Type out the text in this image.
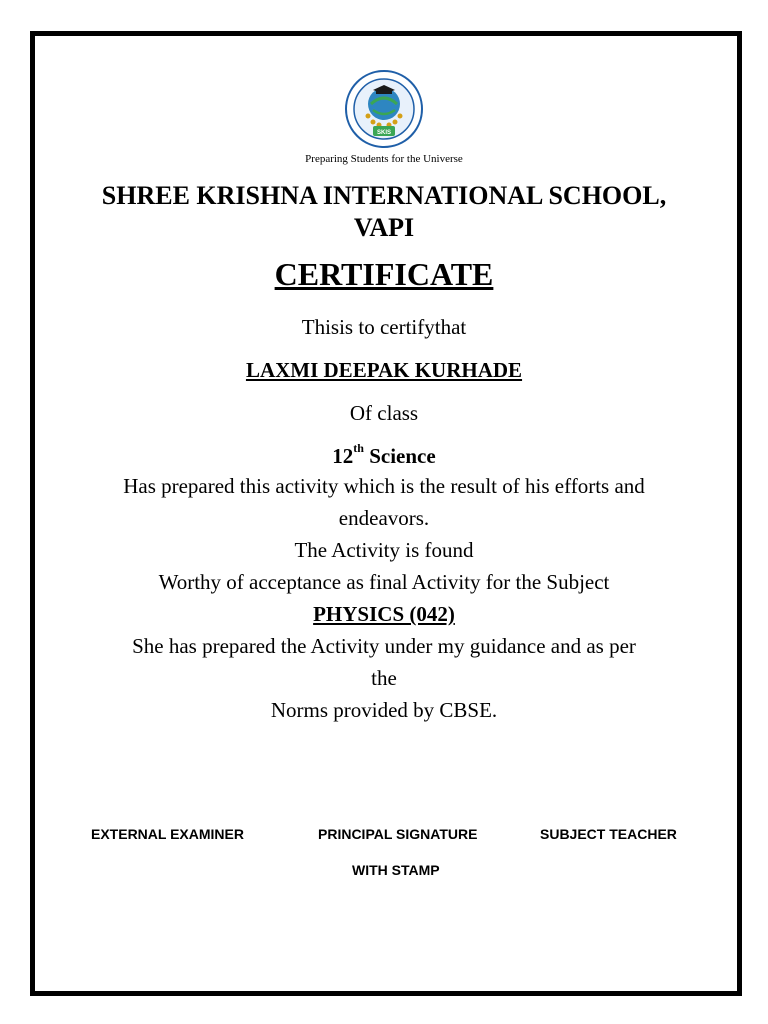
SKIS
Preparing Students for the Universe
SHREE KRISHNA INTERNATIONAL SCHOOL,
VAPI
CERTIFICATE
Thisis to certifythat
LAXMI DEEPAK KURHADE
Of class
12th Science
Has prepared this activity which is the result of his efforts and
endeavors.
The Activity is found
Worthy of acceptance as final Activity for the Subject
PHYSICS (042)
She has prepared the Activity under my guidance and as per
the
Norms provided by CBSE.
EXTERNAL EXAMINER	PRINCIPAL SIGNATURE	SUBJECT TEACHER
WITH STAMP
